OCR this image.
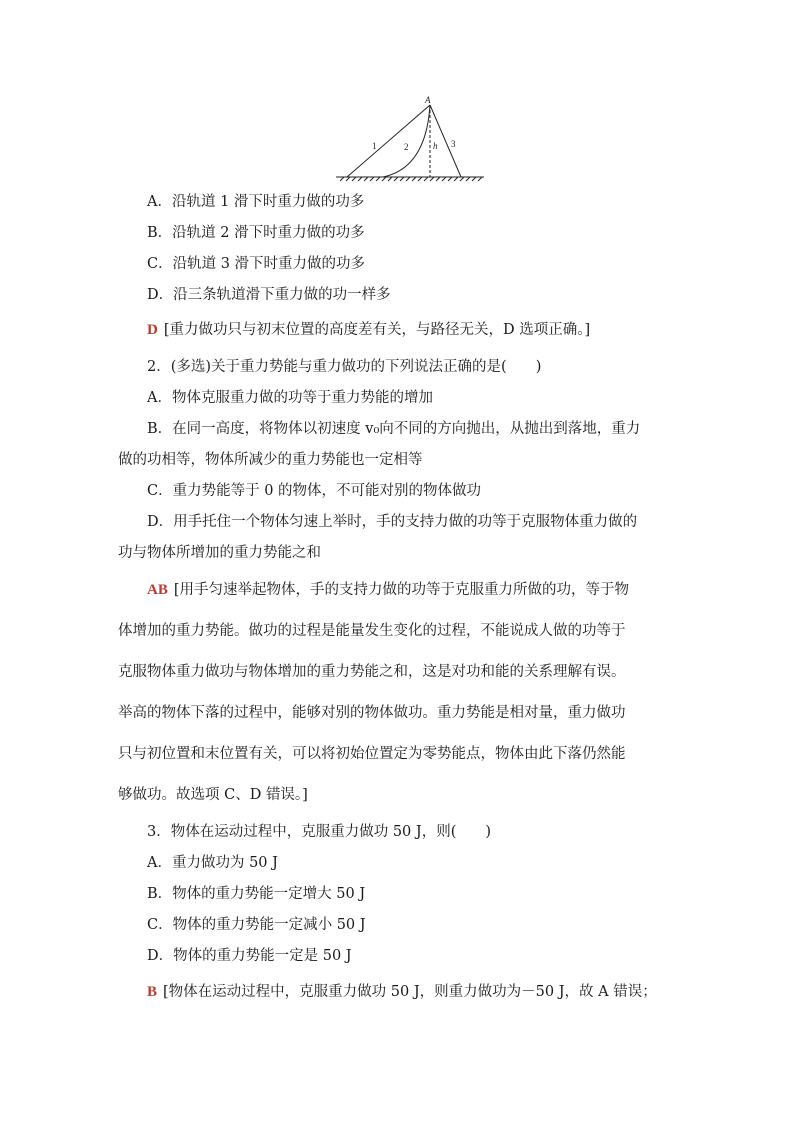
A
1	2	h 3
A．沿轨道 1 滑下时重力做的功多
B．沿轨道 2 滑下时重力做的功多
C．沿轨道 3 滑下时重力做的功多
D．沿三条轨道滑下重力做的功一样多
D [重力做功只与初末位置的高度差有关，与路径无关，D 选项正确。]
2．(多选)关于重力势能与重力做功的下列说法正确的是(　　)
A．物体克服重力做的功等于重力势能的增加
B．在同一高度，将物体以初速度 v₀向不同的方向抛出，从抛出到落地，重力
做的功相等，物体所减少的重力势能也一定相等
C．重力势能等于 0 的物体，不可能对别的物体做功
D．用手托住一个物体匀速上举时，手的支持力做的功等于克服物体重力做的
功与物体所增加的重力势能之和
AB [用手匀速举起物体，手的支持力做的功等于克服重力所做的功，等于物
体增加的重力势能。做功的过程是能量发生变化的过程，不能说成人做的功等于
克服物体重力做功与物体增加的重力势能之和，这是对功和能的关系理解有误。
举高的物体下落的过程中，能够对别的物体做功。重力势能是相对量，重力做功
只与初位置和末位置有关，可以将初始位置定为零势能点，物体由此下落仍然能
够做功。故选项 C、D 错误。]
3．物体在运动过程中，克服重力做功 50 J，则(　　)
A．重力做功为 50 J
B．物体的重力势能一定增大 50 J
C．物体的重力势能一定减小 50 J
D．物体的重力势能一定是 50 J
B [物体在运动过程中，克服重力做功 50 J，则重力做功为－50 J，故 A 错误；
